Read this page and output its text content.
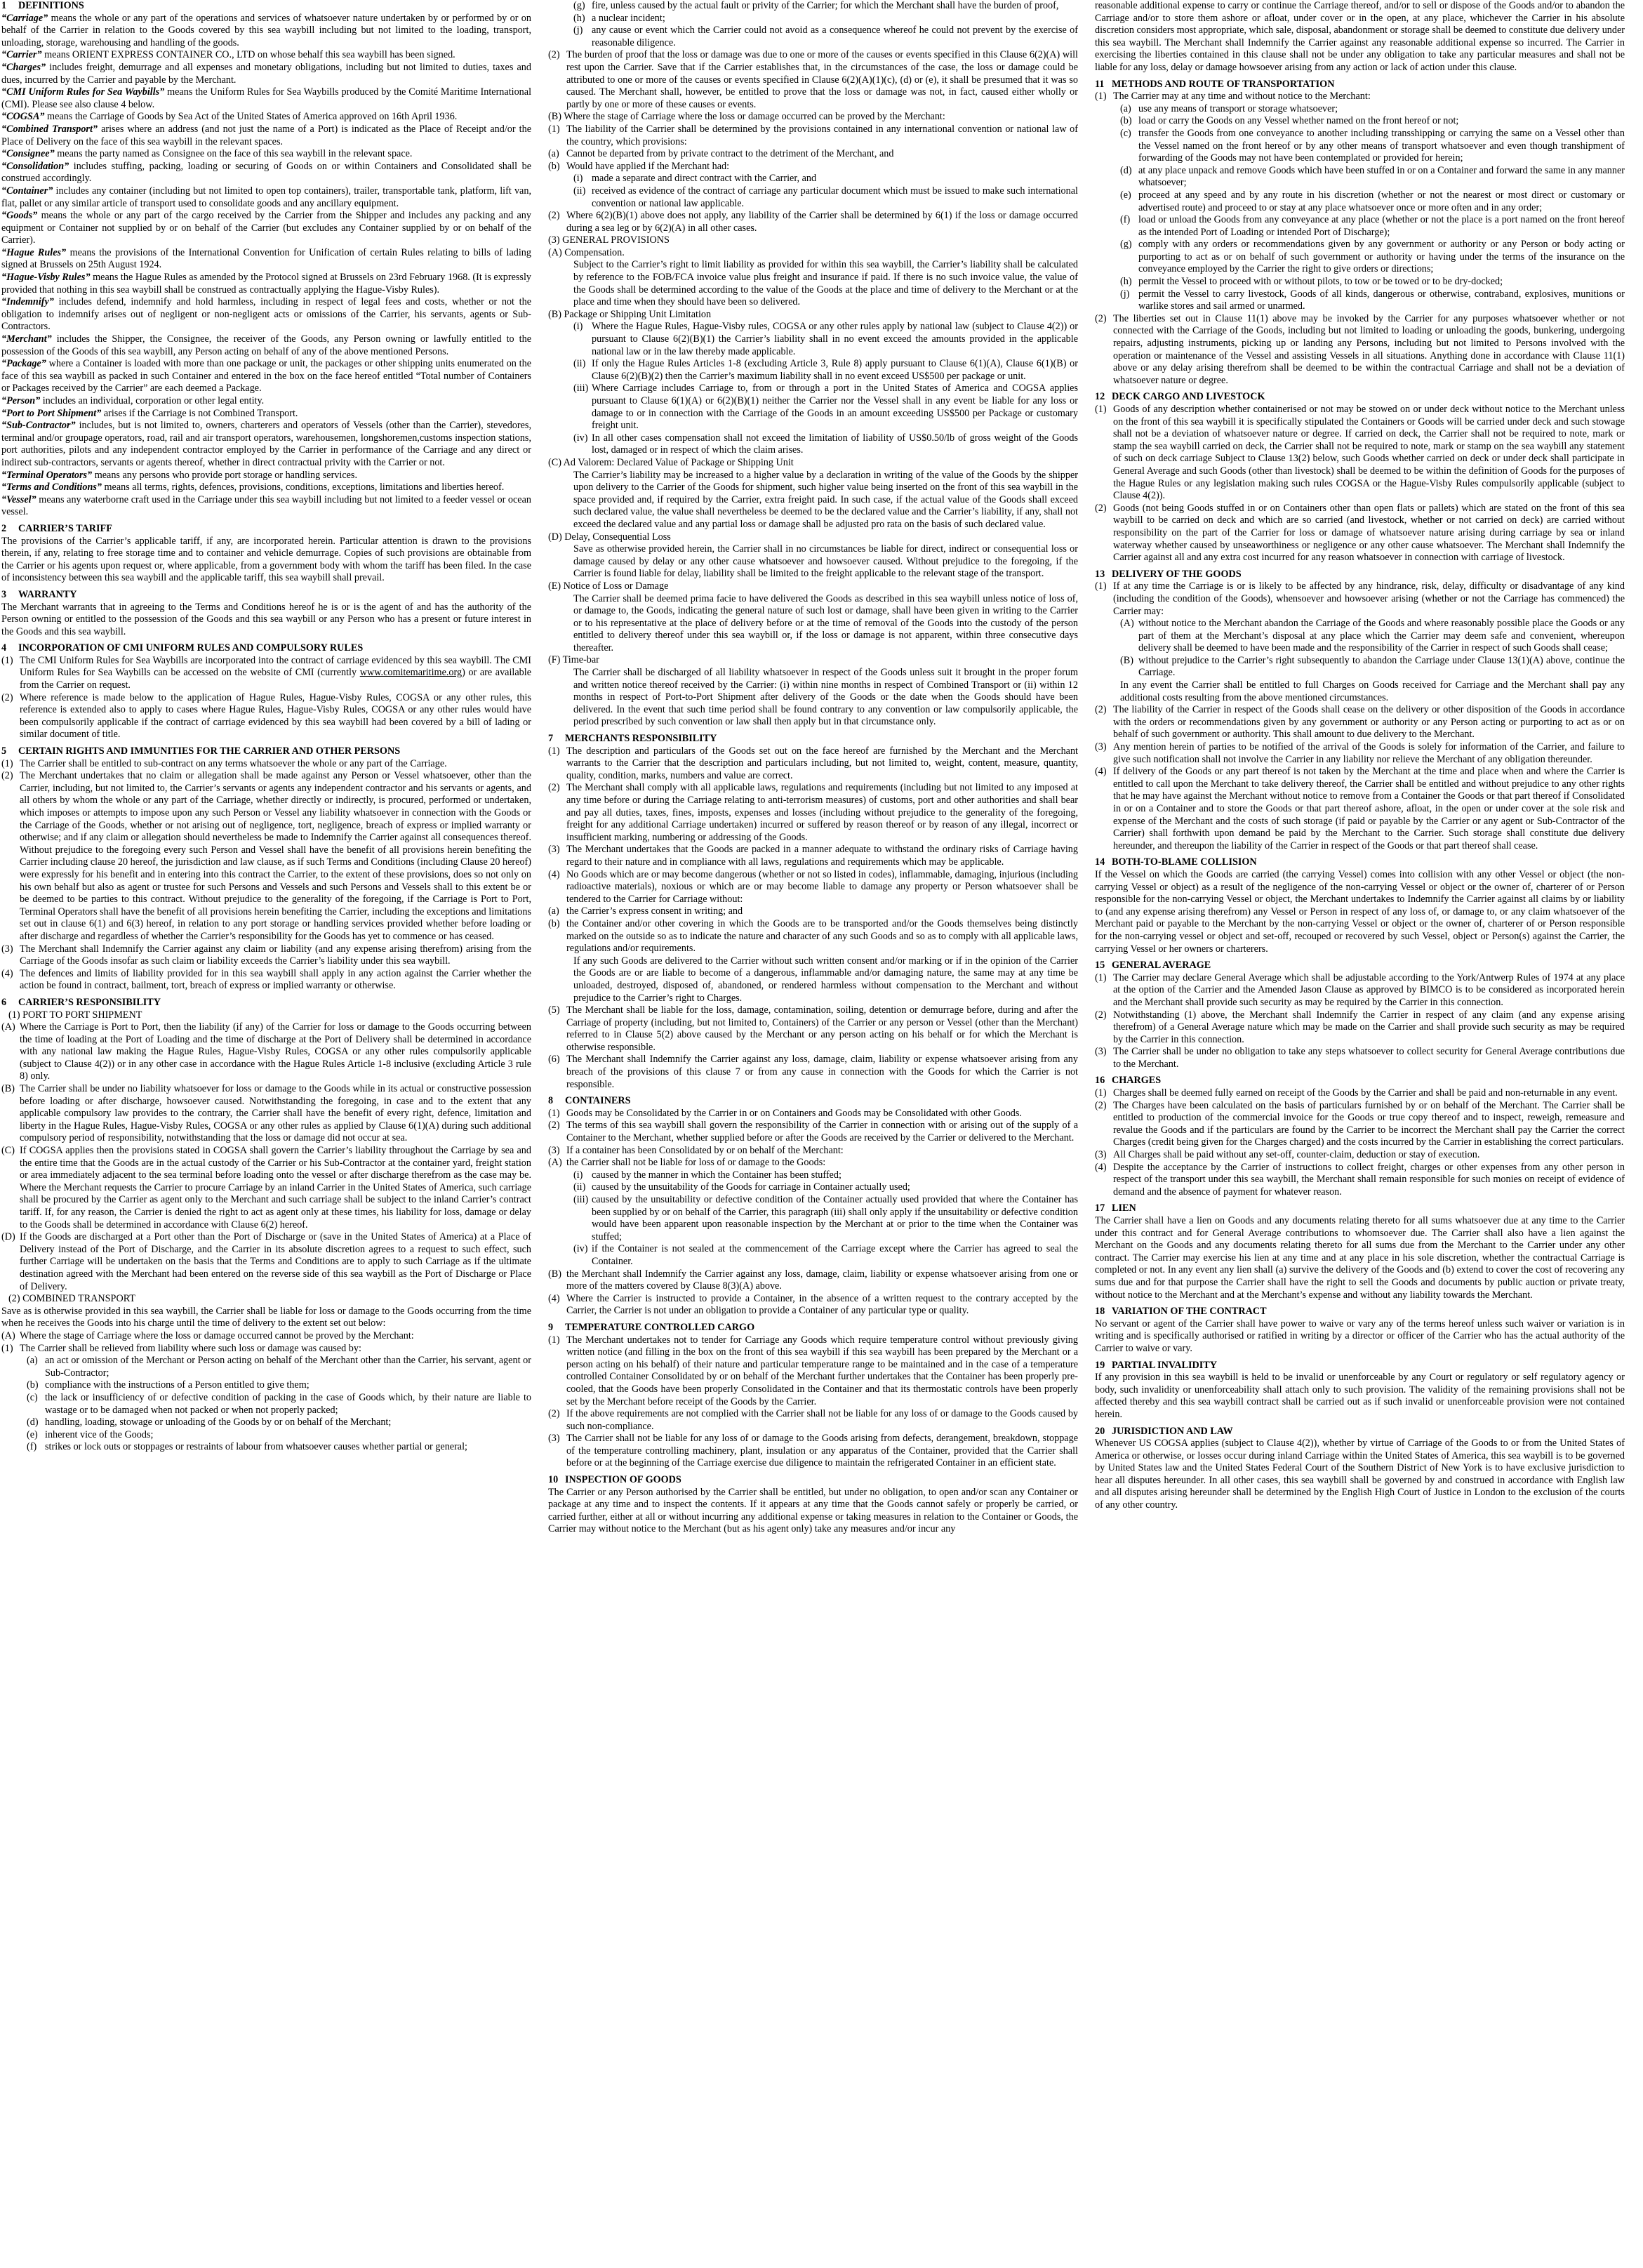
1 DEFINITIONS
“Carriage” means the whole or any part of the operations and services of whatsoever nature undertaken by or performed by or on behalf of the Carrier in relation to the Goods covered by this sea waybill including but not limited to the loading, transport, unloading, storage, warehousing and handling of the goods.
“Carrier” means ORIENT EXPRESS CONTAINER CO., LTD on whose behalf this sea waybill has been signed.
“Charges” includes freight, demurrage and all expenses and monetary obligations, including but not limited to duties, taxes and dues, incurred by the Carrier and payable by the Merchant.
“CMI Uniform Rules for Sea Waybills” means the Uniform Rules for Sea Waybills produced by the Comité Maritime International (CMI). Please see also clause 4 below.
“COGSA” means the Carriage of Goods by Sea Act of the United States of America approved on 16th April 1936.
“Combined Transport” arises where an address (and not just the name of a Port) is indicated as the Place of Receipt and/or the Place of Delivery on the face of this sea waybill in the relevant spaces.
“Consignee” means the party named as Consignee on the face of this sea waybill in the relevant space.
“Consolidation” includes stuffing, packing, loading or securing of Goods on or within Containers and Consolidated shall be construed accordingly.
“Container” includes any container (including but not limited to open top containers), trailer, transportable tank, platform, lift van, flat, pallet or any similar article of transport used to consolidate goods and any ancillary equipment.
“Goods” means the whole or any part of the cargo received by the Carrier from the Shipper and includes any packing and any equipment or Container not supplied by or on behalf of the Carrier (but excludes any Container supplied by or on behalf of the Carrier).
“Hague Rules” means the provisions of the International Convention for Unification of certain Rules relating to bills of lading signed at Brussels on 25th August 1924.
“Hague-Visby Rules” means the Hague Rules as amended by the Protocol signed at Brussels on 23rd February 1968. (It is expressly provided that nothing in this sea waybill shall be construed as contractually applying the Hague-Visby Rules).
“Indemnify” includes defend, indemnify and hold harmless, including in respect of legal fees and costs, whether or not the obligation to indemnify arises out of negligent or non-negligent acts or omissions of the Carrier, his servants, agents or Sub-Contractors.
“Merchant” includes the Shipper, the Consignee, the receiver of the Goods, any Person owning or lawfully entitled to the possession of the Goods of this sea waybill, any Person acting on behalf of any of the above mentioned Persons.
“Package” where a Container is loaded with more than one package or unit, the packages or other shipping units enumerated on the face of this sea waybill as packed in such Container and entered in the box on the face hereof entitled “Total number of Containers or Packages received by the Carrier” are each deemed a Package.
“Person” includes an individual, corporation or other legal entity.
“Port to Port Shipment” arises if the Carriage is not Combined Transport.
“Sub-Contractor” includes, but is not limited to, owners, charterers and operators of Vessels (other than the Carrier), stevedores, terminal and/or groupage operators, road, rail and air transport operators, warehousemen, longshoremen,customs inspection stations, port authorities, pilots and any independent contractor employed by the Carrier in performance of the Carriage and any direct or indirect sub-contractors, servants or agents thereof, whether in direct contractual privity with the Carrier or not.
“Terminal Operators” means any persons who provide port storage or handling services.
“Terms and Conditions” means all terms, rights, defences, provisions, conditions, exceptions, limitations and liberties hereof.
“Vessel” means any waterborne craft used in the Carriage under this sea waybill including but not limited to a feeder vessel or ocean vessel.
2 CARRIER’S TARIFF
The provisions of the Carrier’s applicable tariff, if any, are incorporated herein. Particular attention is drawn to the provisions therein, if any, relating to free storage time and to container and vehicle demurrage. Copies of such provisions are obtainable from the Carrier or his agents upon request or, where applicable, from a government body with whom the tariff has been filed. In the case of inconsistency between this sea waybill and the applicable tariff, this sea waybill shall prevail.
3 WARRANTY
The Merchant warrants that in agreeing to the Terms and Conditions hereof he is or is the agent of and has the authority of the Person owning or entitled to the possession of the Goods and this sea waybill or any Person who has a present or future interest in the Goods and this sea waybill.
4 INCORPORATION OF CMI UNIFORM RULES AND COMPULSORY RULES
(1) The CMI Uniform Rules for Sea Waybills are incorporated into the contract of carriage evidenced by this sea waybill. The CMI Uniform Rules for Sea Waybills can be accessed on the website of CMI (currently www.comitemaritime.org) or are available from the Carrier on request.
(2) Where reference is made below to the application of Hague Rules, Hague-Visby Rules, COGSA or any other rules, this reference is extended also to apply to cases where Hague Rules, Hague-Visby Rules, COGSA or any other rules would have been compulsorily applicable if the contract of carriage evidenced by this sea waybill had been covered by a bill of lading or similar document of title.
5 CERTAIN RIGHTS AND IMMUNITIES FOR THE CARRIER AND OTHER PERSONS
(1) The Carrier shall be entitled to sub-contract on any terms whatsoever the whole or any part of the Carriage.
(2) The Merchant undertakes that no claim or allegation shall be made against any Person or Vessel whatsoever, other than the Carrier, including, but not limited to, the Carrier’s servants or agents any independent contractor and his servants or agents, and all others by whom the whole or any part of the Carriage, whether directly or indirectly, is procured, performed or undertaken, which imposes or attempts to impose upon any such Person or Vessel any liability whatsoever in connection with the Goods or the Carriage of the Goods, whether or not arising out of negligence, tort, negligence, breach of express or implied warranty or otherwise; and if any claim or allegation should nevertheless be made to Indemnify the Carrier against all consequences thereof. Without prejudice to the foregoing every such Person and Vessel shall have the benefit of all provisions herein benefiting the Carrier including clause 20 hereof, the jurisdiction and law clause, as if such Terms and Conditions (including Clause 20 hereof) were expressly for his benefit and in entering into this contract the Carrier, to the extent of these provisions, does so not only on his own behalf but also as agent or trustee for such Persons and Vessels and such Persons and Vessels shall to this extent be or be deemed to be parties to this contract. Without prejudice to the generality of the foregoing, if the Carriage is Port to Port, Terminal Operators shall have the benefit of all provisions herein benefiting the Carrier, including the exceptions and limitations set out in clause 6(1) and 6(3) hereof, in relation to any port storage or handling services provided whether before loading or after discharge and regardless of whether the Carrier’s responsibility for the Goods has yet to commence or has ceased.
(3) The Merchant shall Indemnify the Carrier against any claim or liability (and any expense arising therefrom) arising from the Carriage of the Goods insofar as such claim or liability exceeds the Carrier’s liability under this sea waybill.
(4) The defences and limits of liability provided for in this sea waybill shall apply in any action against the Carrier whether the action be found in contract, bailment, tort, breach of express or implied warranty or otherwise.
6 CARRIER’S RESPONSIBILITY
(1) PORT TO PORT SHIPMENT
(A) Where the Carriage is Port to Port, then the liability (if any) of the Carrier for loss or damage to the Goods occurring between the time of loading at the Port of Loading and the time of discharge at the Port of Delivery shall be determined in accordance with any national law making the Hague Rules, Hague-Visby Rules, COGSA or any other rules compulsorily applicable (subject to Clause 4(2)) or in any other case in accordance with the Hague Rules Article 1-8 inclusive (excluding Article 3 rule 8) only.
(B) The Carrier shall be under no liability whatsoever for loss or damage to the Goods while in its actual or constructive possession before loading or after discharge, howsoever caused. Notwithstanding the foregoing, in case and to the extent that any applicable compulsory law provides to the contrary, the Carrier shall have the benefit of every right, defence, limitation and liberty in the Hague Rules, Hague-Visby Rules, COGSA or any other rules as applied by Clause 6(1)(A) during such additional compulsory period of responsibility, notwithstanding that the loss or damage did not occur at sea.
(C) If COGSA applies then the provisions stated in COGSA shall govern the Carrier’s liability throughout the Carriage by sea and the entire time that the Goods are in the actual custody of the Carrier or his Sub-Contractor at the container yard, freight station or area immediately adjacent to the sea terminal before loading onto the vessel or after discharge therefrom as the case may be. Where the Merchant requests the Carrier to procure Carriage by an inland Carrier in the United States of America, such carriage shall be procured by the Carrier as agent only to the Merchant and such carriage shall be subject to the inland Carrier’s contract tariff. If, for any reason, the Carrier is denied the right to act as agent only at these times, his liability for loss, damage or delay to the Goods shall be determined in accordance with Clause 6(2) hereof.
(D) If the Goods are discharged at a Port other than the Port of Discharge or (save in the United States of America) at a Place of Delivery instead of the Port of Discharge, and the Carrier in its absolute discretion agrees to a request to such effect, such further Carriage will be undertaken on the basis that the Terms and Conditions are to apply to such Carriage as if the ultimate destination agreed with the Merchant had been entered on the reverse side of this sea waybill as the Port of Discharge or Place of Delivery.
(2) COMBINED TRANSPORT
Save as is otherwise provided in this sea waybill, the Carrier shall be liable for loss or damage to the Goods occurring from the time when he receives the Goods into his charge until the time of delivery to the extent set out below:
(A) Where the stage of Carriage where the loss or damage occurred cannot be proved by the Merchant:
(1) The Carrier shall be relieved from liability where such loss or damage was caused by:
(a) an act or omission of the Merchant or Person acting on behalf of the Merchant other than the Carrier, his servant, agent or Sub-Contractor;
(b) compliance with the instructions of a Person entitled to give them;
(c) the lack or insufficiency of or defective condition of packing in the case of Goods which, by their nature are liable to wastage or to be damaged when not packed or when not properly packed;
(d) handling, loading, stowage or unloading of the Goods by or on behalf of the Merchant;
(e) inherent vice of the Goods;
(f) strikes or lock outs or stoppages or restraints of labour from whatsoever causes whether partial or general;
(g) fire, unless caused by the actual fault or privity of the Carrier; for which the Merchant shall have the burden of proof,
(h) a nuclear incident;
(j) any cause or event which the Carrier could not avoid as a consequence whereof he could not prevent by the exercise of reasonable diligence.
(2) The burden of proof that the loss or damage was due to one or more of the causes or events specified in this Clause 6(2)(A) will rest upon the Carrier. Save that if the Carrier establishes that, in the circumstances of the case, the loss or damage could be attributed to one or more of the causes or events specified in Clause 6(2)(A)(1)(c), (d) or (e), it shall be presumed that it was so caused. The Merchant shall, however, be entitled to prove that the loss or damage was not, in fact, caused either wholly or partly by one or more of these causes or events.
(B) Where the stage of Carriage where the loss or damage occurred can be proved by the Merchant:
(1) The liability of the Carrier shall be determined by the provisions contained in any international convention or national law of the country, which provisions:
(a) Cannot be departed from by private contract to the detriment of the Merchant, and
(b) Would have applied if the Merchant had:
(i) made a separate and direct contract with the Carrier, and
(ii) received as evidence of the contract of carriage any particular document which must be issued to make such international convention or national law applicable.
(2) Where 6(2)(B)(1) above does not apply, any liability of the Carrier shall be determined by 6(1) if the loss or damage occurred during a sea leg or by 6(2)(A) in all other cases.
(3) GENERAL PROVISIONS
(A) Compensation.
Subject to the Carrier’s right to limit liability as provided for within this sea waybill, the Carrier’s liability shall be calculated by reference to the FOB/FCA invoice value plus freight and insurance if paid. If there is no such invoice value, the value of the Goods shall be determined according to the value of the Goods at the place and time of delivery to the Merchant or at the place and time when they should have been so delivered.
(B) Package or Shipping Unit Limitation
(i) Where the Hague Rules, Hague-Visby rules, COGSA or any other rules apply by national law (subject to Clause 4(2)) or pursuant to Clause 6(2)(B)(1) the Carrier’s liability shall in no event exceed the amounts provided in the applicable national law or in the law thereby made applicable.
(ii) If only the Hague Rules Articles 1-8 (excluding Article 3, Rule 8) apply pursuant to Clause 6(1)(A), Clause 6(1)(B) or Clause 6(2)(B)(2) then the Carrier’s maximum liability shall in no event exceed US$500 per package or unit.
(iii) Where Carriage includes Carriage to, from or through a port in the United States of America and COGSA applies pursuant to Clause 6(1)(A) or 6(2)(B)(1) neither the Carrier nor the Vessel shall in any event be liable for any loss or damage to or in connection with the Carriage of the Goods in an amount exceeding US$500 per Package or customary freight unit.
(iv) In all other cases compensation shall not exceed the limitation of liability of US$0.50/lb of gross weight of the Goods lost, damaged or in respect of which the claim arises.
(C) Ad Valorem: Declared Value of Package or Shipping Unit
The Carrier’s liability may be increased to a higher value by a declaration in writing of the value of the Goods by the shipper upon delivery to the Carrier of the Goods for shipment, such higher value being inserted on the front of this sea waybill in the space provided and, if required by the Carrier, extra freight paid. In such case, if the actual value of the Goods shall exceed such declared value, the value shall nevertheless be deemed to be the declared value and the Carrier’s liability, if any, shall not exceed the declared value and any partial loss or damage shall be adjusted pro rata on the basis of such declared value.
(D) Delay, Consequential Loss
Save as otherwise provided herein, the Carrier shall in no circumstances be liable for direct, indirect or consequential loss or damage caused by delay or any other cause whatsoever and howsoever caused. Without prejudice to the foregoing, if the Carrier is found liable for delay, liability shall be limited to the freight applicable to the relevant stage of the transport.
(E) Notice of Loss or Damage
The Carrier shall be deemed prima facie to have delivered the Goods as described in this sea waybill unless notice of loss of, or damage to, the Goods, indicating the general nature of such lost or damage, shall have been given in writing to the Carrier or to his representative at the place of delivery before or at the time of removal of the Goods into the custody of the person entitled to delivery thereof under this sea waybill or, if the loss or damage is not apparent, within three consecutive days thereafter.
(F) Time-bar
The Carrier shall be discharged of all liability whatsoever in respect of the Goods unless suit it brought in the proper forum and written notice thereof received by the Carrier: (i) within nine months in respect of Combined Transport or (ii) within 12 months in respect of Port-to-Port Shipment after delivery of the Goods or the date when the Goods should have been delivered. In the event that such time period shall be found contrary to any convention or law compulsorily applicable, the period prescribed by such convention or law shall then apply but in that circumstance only.
7 MERCHANTS RESPONSIBILITY
(1) The description and particulars of the Goods set out on the face hereof are furnished by the Merchant and the Merchant warrants to the Carrier that the description and particulars including, but not limited to, weight, content, measure, quantity, quality, condition, marks, numbers and value are correct.
(2) The Merchant shall comply with all applicable laws, regulations and requirements (including but not limited to any imposed at any time before or during the Carriage relating to anti-terrorism measures) of customs, port and other authorities and shall bear and pay all duties, taxes, fines, imposts, expenses and losses (including without prejudice to the generality of the foregoing, freight for any additional Carriage undertaken) incurred or suffered by reason thereof or by reason of any illegal, incorrect or insufficient marking, numbering or addressing of the Goods.
(3) The Merchant undertakes that the Goods are packed in a manner adequate to withstand the ordinary risks of Carriage having regard to their nature and in compliance with all laws, regulations and requirements which may be applicable.
(4) No Goods which are or may become dangerous (whether or not so listed in codes), inflammable, damaging, injurious (including radioactive materials), noxious or which are or may become liable to damage any property or Person whatsoever shall be tendered to the Carrier for Carriage without:
(a) the Carrier’s express consent in writing; and
(b) the Container and/or other covering in which the Goods are to be transported and/or the Goods themselves being distinctly marked on the outside so as to indicate the nature and character of any such Goods and so as to comply with all applicable laws, regulations and/or requirements.
If any such Goods are delivered to the Carrier without such written consent and/or marking or if in the opinion of the Carrier the Goods are or are liable to become of a dangerous, inflammable and/or damaging nature, the same may at any time be unloaded, destroyed, disposed of, abandoned, or rendered harmless without compensation to the Merchant and without prejudice to the Carrier’s right to Charges.
(5) The Merchant shall be liable for the loss, damage, contamination, soiling, detention or demurrage before, during and after the Carriage of property (including, but not limited to, Containers) of the Carrier or any person or Vessel (other than the Merchant) referred to in Clause 5(2) above caused by the Merchant or any person acting on his behalf or for which the Merchant is otherwise responsible.
(6) The Merchant shall Indemnify the Carrier against any loss, damage, claim, liability or expense whatsoever arising from any breach of the provisions of this clause 7 or from any cause in connection with the Goods for which the Carrier is not responsible.
8 CONTAINERS
(1) Goods may be Consolidated by the Carrier in or on Containers and Goods may be Consolidated with other Goods.
(2) The terms of this sea waybill shall govern the responsibility of the Carrier in connection with or arising out of the supply of a Container to the Merchant, whether supplied before or after the Goods are received by the Carrier or delivered to the Merchant.
(3) If a container has been Consolidated by or on behalf of the Merchant:
(A) the Carrier shall not be liable for loss of or damage to the Goods:
(i) caused by the manner in which the Container has been stuffed;
(ii) caused by the unsuitability of the Goods for carriage in Container actually used;
(iii) caused by the unsuitability or defective condition of the Container actually used provided that where the Container has been supplied by or on behalf of the Carrier, this paragraph (iii) shall only apply if the unsuitability or defective condition would have been apparent upon reasonable inspection by the Merchant at or prior to the time when the Container was stuffed;
(iv) if the Container is not sealed at the commencement of the Carriage except where the Carrier has agreed to seal the Container.
(B) the Merchant shall Indemnify the Carrier against any loss, damage, claim, liability or expense whatsoever arising from one or more of the matters covered by Clause 8(3)(A) above.
(4) Where the Carrier is instructed to provide a Container, in the absence of a written request to the contrary accepted by the Carrier, the Carrier is not under an obligation to provide a Container of any particular type or quality.
9 TEMPERATURE CONTROLLED CARGO
(1) The Merchant undertakes not to tender for Carriage any Goods which require temperature control without previously giving written notice (and filling in the box on the front of this sea waybill if this sea waybill has been prepared by the Merchant or a person acting on his behalf) of their nature and particular temperature range to be maintained and in the case of a temperature controlled Container Consolidated by or on behalf of the Merchant further undertakes that the Container has been properly pre-cooled, that the Goods have been properly Consolidated in the Container and that its thermostatic controls have been properly set by the Merchant before receipt of the Goods by the Carrier.
(2) If the above requirements are not complied with the Carrier shall not be liable for any loss of or damage to the Goods caused by such non-compliance.
(3) The Carrier shall not be liable for any loss of or damage to the Goods arising from defects, derangement, breakdown, stoppage of the temperature controlling machinery, plant, insulation or any apparatus of the Container, provided that the Carrier shall before or at the beginning of the Carriage exercise due diligence to maintain the refrigerated Container in an efficient state.
10 INSPECTION OF GOODS
The Carrier or any Person authorised by the Carrier shall be entitled, but under no obligation, to open and/or scan any Container or package at any time and to inspect the contents. If it appears at any time that the Goods cannot safely or properly be carried, or carried further, either at all or without incurring any additional expense or taking measures in relation to the Container or Goods, the Carrier may without notice to the Merchant (but as his agent only) take any measures and/or incur any
reasonable additional expense to carry or continue the Carriage thereof, and/or to sell or dispose of the Goods and/or to abandon the Carriage and/or to store them ashore or afloat, under cover or in the open, at any place, whichever the Carrier in his absolute discretion considers most appropriate, which sale, disposal, abandonment or storage shall be deemed to constitute due delivery under this sea waybill. The Merchant shall Indemnify the Carrier against any reasonable additional expense so incurred. The Carrier in exercising the liberties contained in this clause shall not be under any obligation to take any particular measures and shall not be liable for any loss, delay or damage howsoever arising from any action or lack of action under this clause.
11 METHODS AND ROUTE OF TRANSPORTATION
(1) The Carrier may at any time and without notice to the Merchant:
(a) use any means of transport or storage whatsoever;
(b) load or carry the Goods on any Vessel whether named on the front hereof or not;
(c) transfer the Goods from one conveyance to another including transshipping or carrying the same on a Vessel other than the Vessel named on the front hereof or by any other means of transport whatsoever and even though transhipment of forwarding of the Goods may not have been contemplated or provided for herein;
(d) at any place unpack and remove Goods which have been stuffed in or on a Container and forward the same in any manner whatsoever;
(e) proceed at any speed and by any route in his discretion (whether or not the nearest or most direct or customary or advertised route) and proceed to or stay at any place whatsoever once or more often and in any order;
(f) load or unload the Goods from any conveyance at any place (whether or not the place is a port named on the front hereof as the intended Port of Loading or intended Port of Discharge);
(g) comply with any orders or recommendations given by any government or authority or any Person or body acting or purporting to act as or on behalf of such government or authority or having under the terms of the insurance on the conveyance employed by the Carrier the right to give orders or directions;
(h) permit the Vessel to proceed with or without pilots, to tow or be towed or to be dry-docked;
(j) permit the Vessel to carry livestock, Goods of all kinds, dangerous or otherwise, contraband, explosives, munitions or warlike stores and sail armed or unarmed.
(2) The liberties set out in Clause 11(1) above may be invoked by the Carrier for any purposes whatsoever whether or not connected with the Carriage of the Goods, including but not limited to loading or unloading the goods, bunkering, undergoing repairs, adjusting instruments, picking up or landing any Persons, including but not limited to Persons involved with the operation or maintenance of the Vessel and assisting Vessels in all situations. Anything done in accordance with Clause 11(1) above or any delay arising therefrom shall be deemed to be within the contractual Carriage and shall not be a deviation of whatsoever nature or degree.
12 DECK CARGO AND LIVESTOCK
(1) Goods of any description whether containerised or not may be stowed on or under deck without notice to the Merchant unless on the front of this sea waybill it is specifically stipulated the Containers or Goods will be carried under deck and such stowage shall not be a deviation of whatsoever nature or degree. If carried on deck, the Carrier shall not be required to note, mark or stamp the sea waybill carried on deck, the Carrier shall not be required to note, mark or stamp on the sea waybill any statement of such on deck carriage Subject to Clause 13(2) below, such Goods whether carried on deck or under deck shall participate in General Average and such Goods (other than livestock) shall be deemed to be within the definition of Goods for the purposes of the Hague Rules or any legislation making such rules COGSA or the Hague-Visby Rules compulsorily applicable (subject to Clause 4(2)).
(2) Goods (not being Goods stuffed in or on Containers other than open flats or pallets) which are stated on the front of this sea waybill to be carried on deck and which are so carried (and livestock, whether or not carried on deck) are carried without responsibility on the part of the Carrier for loss or damage of whatsoever nature arising during carriage by sea or inland waterway whether caused by unseaworthiness or negligence or any other cause whatsoever. The Merchant shall Indemnify the Carrier against all and any extra cost incurred for any reason whatsoever in connection with carriage of livestock.
13 DELIVERY OF THE GOODS
(1) If at any time the Carriage is or is likely to be affected by any hindrance, risk, delay, difficulty or disadvantage of any kind (including the condition of the Goods), whensoever and howsoever arising (whether or not the Carriage has commenced) the Carrier may:
(A) without notice to the Merchant abandon the Carriage of the Goods and where reasonably possible place the Goods or any part of them at the Merchant’s disposal at any place which the Carrier may deem safe and convenient, whereupon delivery shall be deemed to have been made and the responsibility of the Carrier in respect of such Goods shall cease;
(B) without prejudice to the Carrier’s right subsequently to abandon the Carriage under Clause 13(1)(A) above, continue the Carriage.
In any event the Carrier shall be entitled to full Charges on Goods received for Carriage and the Merchant shall pay any additional costs resulting from the above mentioned circumstances.
(2) The liability of the Carrier in respect of the Goods shall cease on the delivery or other disposition of the Goods in accordance with the orders or recommendations given by any government or authority or any Person acting or purporting to act as or on behalf of such government or authority. This shall amount to due delivery to the Merchant.
(3) Any mention herein of parties to be notified of the arrival of the Goods is solely for information of the Carrier, and failure to give such notification shall not involve the Carrier in any liability nor relieve the Merchant of any obligation thereunder.
(4) If delivery of the Goods or any part thereof is not taken by the Merchant at the time and place when and where the Carrier is entitled to call upon the Merchant to take delivery thereof, the Carrier shall be entitled and without prejudice to any other rights that he may have against the Merchant without notice to remove from a Container the Goods or that part thereof if Consolidated in or on a Container and to store the Goods or that part thereof ashore, afloat, in the open or under cover at the sole risk and expense of the Merchant and the costs of such storage (if paid or payable by the Carrier or any agent or Sub-Contractor of the Carrier) shall forthwith upon demand be paid by the Merchant to the Carrier. Such storage shall constitute due delivery hereunder, and thereupon the liability of the Carrier in respect of the Goods or that part thereof shall cease.
14 BOTH-TO-BLAME COLLISION
If the Vessel on which the Goods are carried (the carrying Vessel) comes into collision with any other Vessel or object (the non-carrying Vessel or object) as a result of the negligence of the non-carrying Vessel or object or the owner of, charterer of or Person responsible for the non-carrying Vessel or object, the Merchant undertakes to Indemnify the Carrier against all claims by or liability to (and any expense arising therefrom) any Vessel or Person in respect of any loss of, or damage to, or any claim whatsoever of the Merchant paid or payable to the Merchant by the non-carrying Vessel or object or the owner of, charterer of or Person responsible for the non-carrying vessel or object and set-off, recouped or recovered by such Vessel, object or Person(s) against the Carrier, the carrying Vessel or her owners or charterers.
15 GENERAL AVERAGE
(1) The Carrier may declare General Average which shall be adjustable according to the York/Antwerp Rules of 1974 at any place at the option of the Carrier and the Amended Jason Clause as approved by BIMCO is to be considered as incorporated herein and the Merchant shall provide such security as may be required by the Carrier in this connection.
(2) Notwithstanding (1) above, the Merchant shall Indemnify the Carrier in respect of any claim (and any expense arising therefrom) of a General Average nature which may be made on the Carrier and shall provide such security as may be required by the Carrier in this connection.
(3) The Carrier shall be under no obligation to take any steps whatsoever to collect security for General Average contributions due to the Merchant.
16 CHARGES
(1) Charges shall be deemed fully earned on receipt of the Goods by the Carrier and shall be paid and non-returnable in any event.
(2) The Charges have been calculated on the basis of particulars furnished by or on behalf of the Merchant. The Carrier shall be entitled to production of the commercial invoice for the Goods or true copy thereof and to inspect, reweigh, remeasure and revalue the Goods and if the particulars are found by the Carrier to be incorrect the Merchant shall pay the Carrier the correct Charges (credit being given for the Charges charged) and the costs incurred by the Carrier in establishing the correct particulars.
(3) All Charges shall be paid without any set-off, counter-claim, deduction or stay of execution.
(4) Despite the acceptance by the Carrier of instructions to collect freight, charges or other expenses from any other person in respect of the transport under this sea waybill, the Merchant shall remain responsible for such monies on receipt of evidence of demand and the absence of payment for whatever reason.
17 LIEN
The Carrier shall have a lien on Goods and any documents relating thereto for all sums whatsoever due at any time to the Carrier under this contract and for General Average contributions to whomsoever due. The Carrier shall also have a lien against the Merchant on the Goods and any documents relating thereto for all sums due from the Merchant to the Carrier under any other contract. The Carrier may exercise his lien at any time and at any place in his sole discretion, whether the contractual Carriage is completed or not. In any event any lien shall (a) survive the delivery of the Goods and (b) extend to cover the cost of recovering any sums due and for that purpose the Carrier shall have the right to sell the Goods and documents by public auction or private treaty, without notice to the Merchant and at the Merchant’s expense and without any liability towards the Merchant.
18 VARIATION OF THE CONTRACT
No servant or agent of the Carrier shall have power to waive or vary any of the terms hereof unless such waiver or variation is in writing and is specifically authorised or ratified in writing by a director or officer of the Carrier who has the actual authority of the Carrier to waive or vary.
19 PARTIAL INVALIDITY
If any provision in this sea waybill is held to be invalid or unenforceable by any Court or regulatory or self regulatory agency or body, such invalidity or unenforceability shall attach only to such provision. The validity of the remaining provisions shall not be affected thereby and this sea waybill contract shall be carried out as if such invalid or unenforceable provision were not contained herein.
20 JURISDICTION AND LAW
Whenever US COGSA applies (subject to Clause 4(2)), whether by virtue of Carriage of the Goods to or from the United States of America or otherwise, or losses occur during inland Carriage within the United States of America, this sea waybill is to be governed by United States law and the United States Federal Court of the Southern District of New York is to have exclusive jurisdiction to hear all disputes hereunder. In all other cases, this sea waybill shall be governed by and construed in accordance with English law and all disputes arising hereunder shall be determined by the English High Court of Justice in London to the exclusion of the courts of any other country.
